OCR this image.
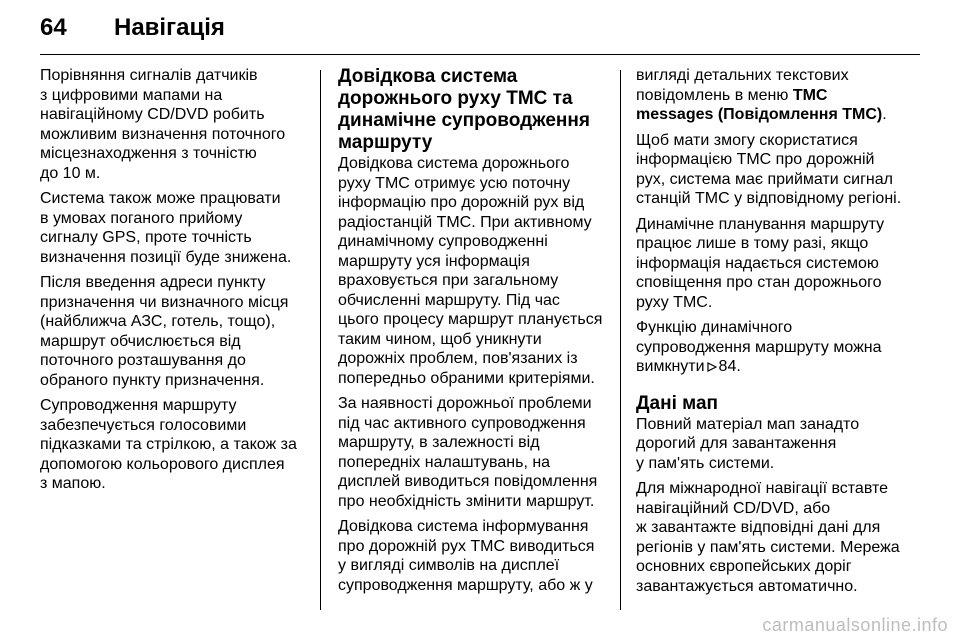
64	Навігація

Порівняння сигналів датчиків
з цифровими мапами на
навігаційному CD/DVD робить
можливим визначення поточного
місцезнаходження з точністю
до 10 м.

Система також може працювати
в умовах поганого прийому
сигналу GPS, проте точність
визначення позиції буде знижена.

Після введення адреси пункту
призначення чи визначного місця
(найближча АЗС, готель, тощо),
маршрут обчислюється від
поточного розташування до
обраного пункту призначення.

Супроводження маршруту
забезпечується голосовими
підказками та стрілкою, а також за
допомогою кольорового дисплея
з мапою.

Довідкова система
дорожнього руху TMC та
динамічне супроводження
маршруту

Довідкова система дорожнього
руху TMC отримує усю поточну
інформацію про дорожній рух від
радіостанцій TMC. При активному
динамічному супроводженні
маршруту уся інформація
враховується при загальному
обчисленні маршруту. Під час
цього процесу маршрут планується
таким чином, щоб уникнути
дорожніх проблем, пов'язаних із
попередньо обраними критеріями.

За наявності дорожньої проблеми
під час активного супроводження
маршруту, в залежності від
попередніх налаштувань, на
дисплей виводиться повідомлення
про необхідність змінити маршрут.

Довідкова система інформування
про дорожній рух TMC виводиться
у вигляді символів на дисплеї
супроводження маршруту, або ж у

вигляді детальних текстових
повідомлень в меню TMC
messages (Повідомлення TMC).

Щоб мати змогу скористатися
інформацією TMC про дорожній
рух, система має приймати сигнал
станцій TMC у відповідному регіоні.

Динамічне планування маршруту
працює лише в тому разі, якщо
інформація надається системою
сповіщення про стан дорожнього
руху TMC.

Функцію динамічного
супроводження маршруту можна
вимкнути 84.

Дані мап

Повний матеріал мап занадто
дорогий для завантаження
у пам'ять системи.

Для міжнародної навігації вставте
навігаційний CD/DVD, або
ж завантажте відповідні дані для
регіонів у пам'ять системи. Мережа
основних європейських доріг
завантажується автоматично.

carmanualsonline.info
